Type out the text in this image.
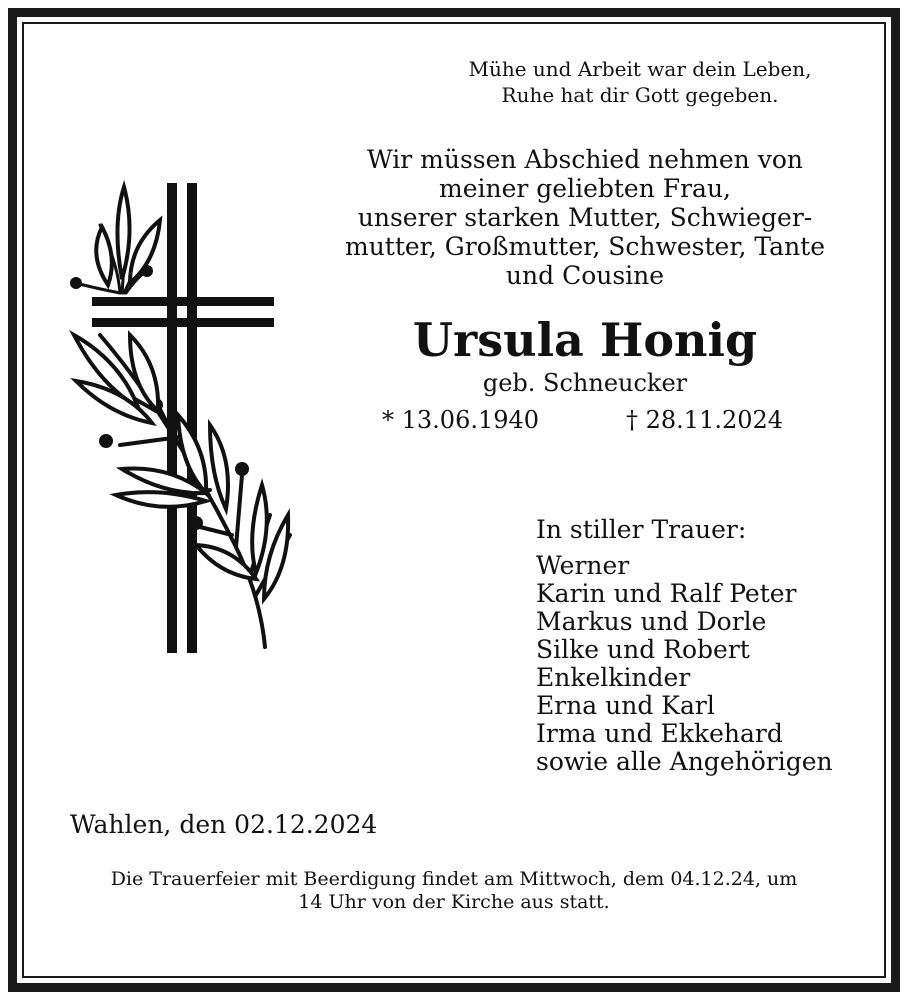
Mühe und Arbeit war dein Leben,
Ruhe hat dir Gott gegeben.
Wir müssen Abschied nehmen von
meiner geliebten Frau,
unserer starken Mutter, Schwieger-
mutter, Großmutter, Schwester, Tante
und Cousine
Ursula Honig
geb. Schneucker
* 13.06.1940	† 28.11.2024
In stiller Trauer:
Werner
Karin und Ralf Peter
Markus und Dorle
Silke und Robert
Enkelkinder
Erna und Karl
Irma und Ekkehard
sowie alle Angehörigen
Wahlen, den 02.12.2024
Die Trauerfeier mit Beerdigung findet am Mittwoch, dem 04.12.24, um
14 Uhr von der Kirche aus statt.
